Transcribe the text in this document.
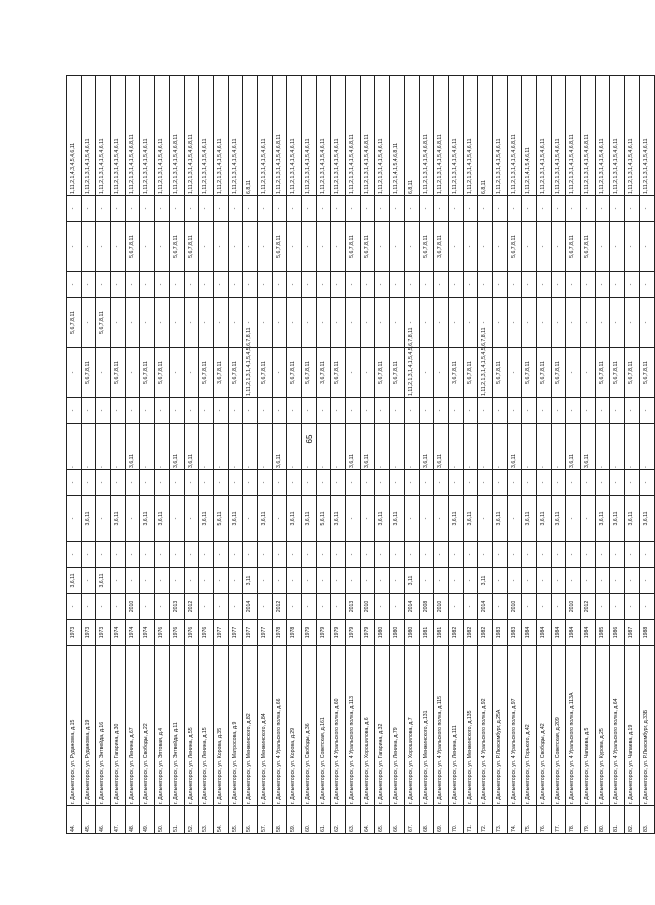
65
44.	г. Дальнегорск, ул. Рудановка, д.15	1973	-	3,6,11	-	-	-	-	-	-	5,6,7,8,11	-	-	-	1,11,2,1,4,3,4,5,4,6,11
45.	г. Дальнегорск, ул. Рудановка, д.19	1973	-	-	-	3,6,11	-	-	-	5,6,7,8,11	-	-	-	-	1,11,2,1,3,1,4,1,5,4,6,11
46.	г. Дальнегорск, ул. Энтвейда, д.16	1973	-	3,6,11	-	-	-	-	-	-	5,6,7,8,11	-	-	-	1,11,2,1,3,1,4,1,5,4,6,11
47.	г. Дальнегорск, ул. Гагарина, д.30	1974	-	-	-	3,6,11	-	-	-	5,6,7,8,11	-	-	-	-	1,11,2,1,3,1,4,1,5,4,6,11
48.	г. Дальнегорск, ул. Ленина, д.67	1974	2010	-	-	-	-	3,6,11	-	-	-	-	5,6,7,8,11	-	1,11,2,1,3,1,4,1,5,4,6,8,11
49.	г. Дальнегорск, ул. Свободы, д.22	1974	-	-	-	3,6,11	-	-	-	5,6,7,8,11	-	-	-	-	1,11,2,1,3,1,4,1,5,4,6,11
50.	г. Дальнегорск, ул. Эптовая, д.4	1976	-	-	-	3,6,11	-	-	-	5,6,7,8,11	-	-	-	-	1,11,2,1,3,1,4,1,5,4,6,11
51.	г. Дальнегорск, ул. Энтвейда, д.11	1976	2013	-	-	-	-	3,6,11	-	-	-	-	5,6,7,8,11	-	1,11,2,1,3,1,4,1,5,4,6,8,11
52.	г. Дальнегорск, ул. Ленина, д.55	1976	2012	-	-	-	-	3,6,11	-	-	-	-	5,6,7,8,11	-	1,11,2,1,3,1,4,1,5,4,6,8,11
53.	г. Дальнегорск, ул. Ленина, д.15	1976	-	-	-	3,6,11	-	-	-	5,6,7,8,11	-	-	-	-	1,11,2,1,3,1,4,1,5,4,6,11
54.	г. Дальнегорск, ул. Корова, д.35	1977	-	-	-	5,6,11	-	-	-	3,6,7,8,11	-	-	-	-	1,11,2,1,3,1,4,1,5,4,6,11
55.	г. Дальнегорск, ул. Матросова, д.9	1977	-	-	-	3,6,11	-	-	-	5,6,7,8,11	-	-	-	-	1,11,2,1,3,1,4,1,5,4,6,11
56.	г. Дальнегорск, ул. Менжинского, д.82	1977	2014	3,11	-	-	-	-	-	1,11,2,1,3,1,4,1,5,4,5,6,7,8,11	-	-	-	-	6,8,11
57.	г. Дальнегорск, ул. Менжинского, д.84	1977	-	-	-	3,6,11	-	-	-	5,6,7,8,11	-	-	-	-	1,11,2,1,3,1,4,1,5,4,6,11
58.	г. Дальнегорск, ул. 4 Уральского полка, д.66	1978	2012	-	-	-	-	3,6,11	-	-	-	-	5,6,7,8,11	-	1,11,2,1,3,1,4,1,5,4,6,8,11
59.	г. Дальнегорск, ул. Корова, д.29	1978	-	-	-	3,6,11	-	-	-	5,6,7,8,11	-	-	-	-	1,11,2,1,3,1,4,1,5,4,6,11
60.	г. Дальнегорск, ул. Свободы, д.36	1979	-	-	-	3,6,11	-	-	-	5,6,7,8,11	-	-	-	-	1,11,2,1,3,1,4,1,5,4,6,11
61.	г. Дальнегорск, ул. Советская, д.161	1979	-	-	-	5,6,11	-	-	-	3,6,7,8,11	-	-	-	-	1,11,2,1,3,1,4,1,5,4,6,11
62.	г. Дальнегорск, ул. 4 Уральского полка, д.60	1979	-	-	-	3,6,11	-	-	-	5,6,7,8,11	-	-	-	-	1,11,2,1,3,1,4,1,5,4,6,11
63.	г. Дальнегорск, ул. 4 Уральского полка, д.113	1979	2013	-	-	-	-	3,6,11	-	-	-	-	5,6,7,8,11	-	1,11,2,1,3,1,4,1,5,4,6,8,11
64.	г. Дальнегорск, ул. Хорошилова, д.6	1979	2010	-	-	-	-	3,6,11	-	-	-	-	5,6,7,8,11	-	1,11,2,1,3,1,4,1,5,4,6,8,11
65.	г. Дальнегорск, ул. Гагарина, д.32	1980	-	-	-	3,6,11	-	-	-	5,6,7,8,11	-	-	-	-	1,11,2,1,3,1,4,1,5,4,6,11
66.	г. Дальнегорск, ул. Ленина, д.79	1980	-	-	-	3,6,11	-	-	-	5,6,7,8,11	-	-	-	-	1,11,2,1,4,1,5,4,6,8,11
67.	г. Дальнегорск, ул. Хорошилова, д.7	1980	2014	3,11	-	-	-	-	-	1,11,2,1,3,1,4,1,5,4,5,6,7,8,11	-	-	-	-	6,8,11
68.	г. Дальнегорск, ул. Менжинского, д.131	1981	2008	-	-	-	-	3,6,11	-	-	-	-	5,6,7,8,11	-	1,11,2,1,3,1,4,1,5,4,6,8,11
69.	г. Дальнегорск, ул. 4 Уральского полка, д.115	1981	2010	-	-	-	-	3,6,11	-	-	-	-	3,6,7,8,11	-	1,11,2,1,3,1,4,1,5,4,6,8,11
70.	г. Дальнегорск, ул. Ленина, д.111	1982	-	-	-	3,6,11	-	-	-	3,6,7,8,11	-	-	-	-	1,11,2,1,3,1,4,1,5,4,6,11
71.	г. Дальнегорск, ул. Менжинского, д.135	1982	-	-	-	3,6,11	-	-	-	5,6,7,8,11	-	-	-	-	1,11,2,1,3,1,4,1,5,4,6,11
72.	г. Дальнегорск, ул. 4 Уральского полка, д.92	1982	2014	3,11	-	-	-	-	-	1,11,2,1,3,1,4,1,5,4,5,6,7,8,11	-	-	-	-	6,8,11
73.	г. Дальнегорск, ул. Р.Люксембург, д.25А	1983	-	-	-	3,6,11	-	-	-	5,6,7,8,11	-	-	-	-	1,11,2,1,3,1,4,1,5,4,6,11
74.	г. Дальнегорск, ул. 4 Уральского полка, д.97	1983	2010	-	-	-	-	3,6,11	-	-	-	-	5,6,7,8,11	-	1,11,2,1,3,1,4,1,5,4,6,8,11
75.	г. Дальнегорск, ул. Горького, д.42	1984	-	-	-	3,6,11	-	-	-	5,6,7,8,11	-	-	-	-	1,11,2,1,4,1,5,4,6,11
76.	г. Дальнегорск, ул. Свободы, д.42	1984	-	-	-	3,6,11	-	-	-	5,6,7,8,11	-	-	-	-	1,11,2,1,3,1,4,1,5,4,6,11
77.	г. Дальнегорск, ул. Советская, д.209	1984	-	-	-	3,6,11	-	-	-	5,6,7,8,11	-	-	-	-	1,11,2,1,3,1,4,1,5,4,6,11
78.	г. Дальнегорск, ул. 4 Уральского полка, д.113А	1984	2010	-	-	-	-	3,6,11	-	-	-	-	5,6,7,8,11	-	1,11,2,1,3,1,4,1,5,4,6,8,11
79.	г. Дальнегорск, ул. Чапаева, д.5	1984	2012	-	-	-	-	3,6,11	-	-	-	-	5,6,7,8,11	-	1,11,2,1,3,1,4,1,5,4,6,8,11
80.	г. Дальнегорск, ул. Курова, д.25	1985	-	-	-	3,6,11	-	-	-	5,6,7,8,11	-	-	-	-	1,11,2,1,3,1,4,1,5,4,6,11
81.	г. Дальнегорск, ул. 4 Уральского полка, д.64	1986	-	-	-	3,6,11	-	-	-	5,6,7,8,11	-	-	-	-	1,11,2,1,3,1,4,1,5,4,6,11
82.	г. Дальнегорск, ул. Чапаева, д.19	1987	-	-	-	3,6,11	-	-	-	5,6,7,8,11	-	-	-	-	1,11,2,1,3,1,4,1,5,4,6,11
83.	г. Дальнегорск, ул. Р.Люксембург, д.33Б	1988	-	-	-	3,6,11	-	-	-	5,6,7,8,11	-	-	-	-	1,11,2,1,3,1,4,1,5,4,6,11
